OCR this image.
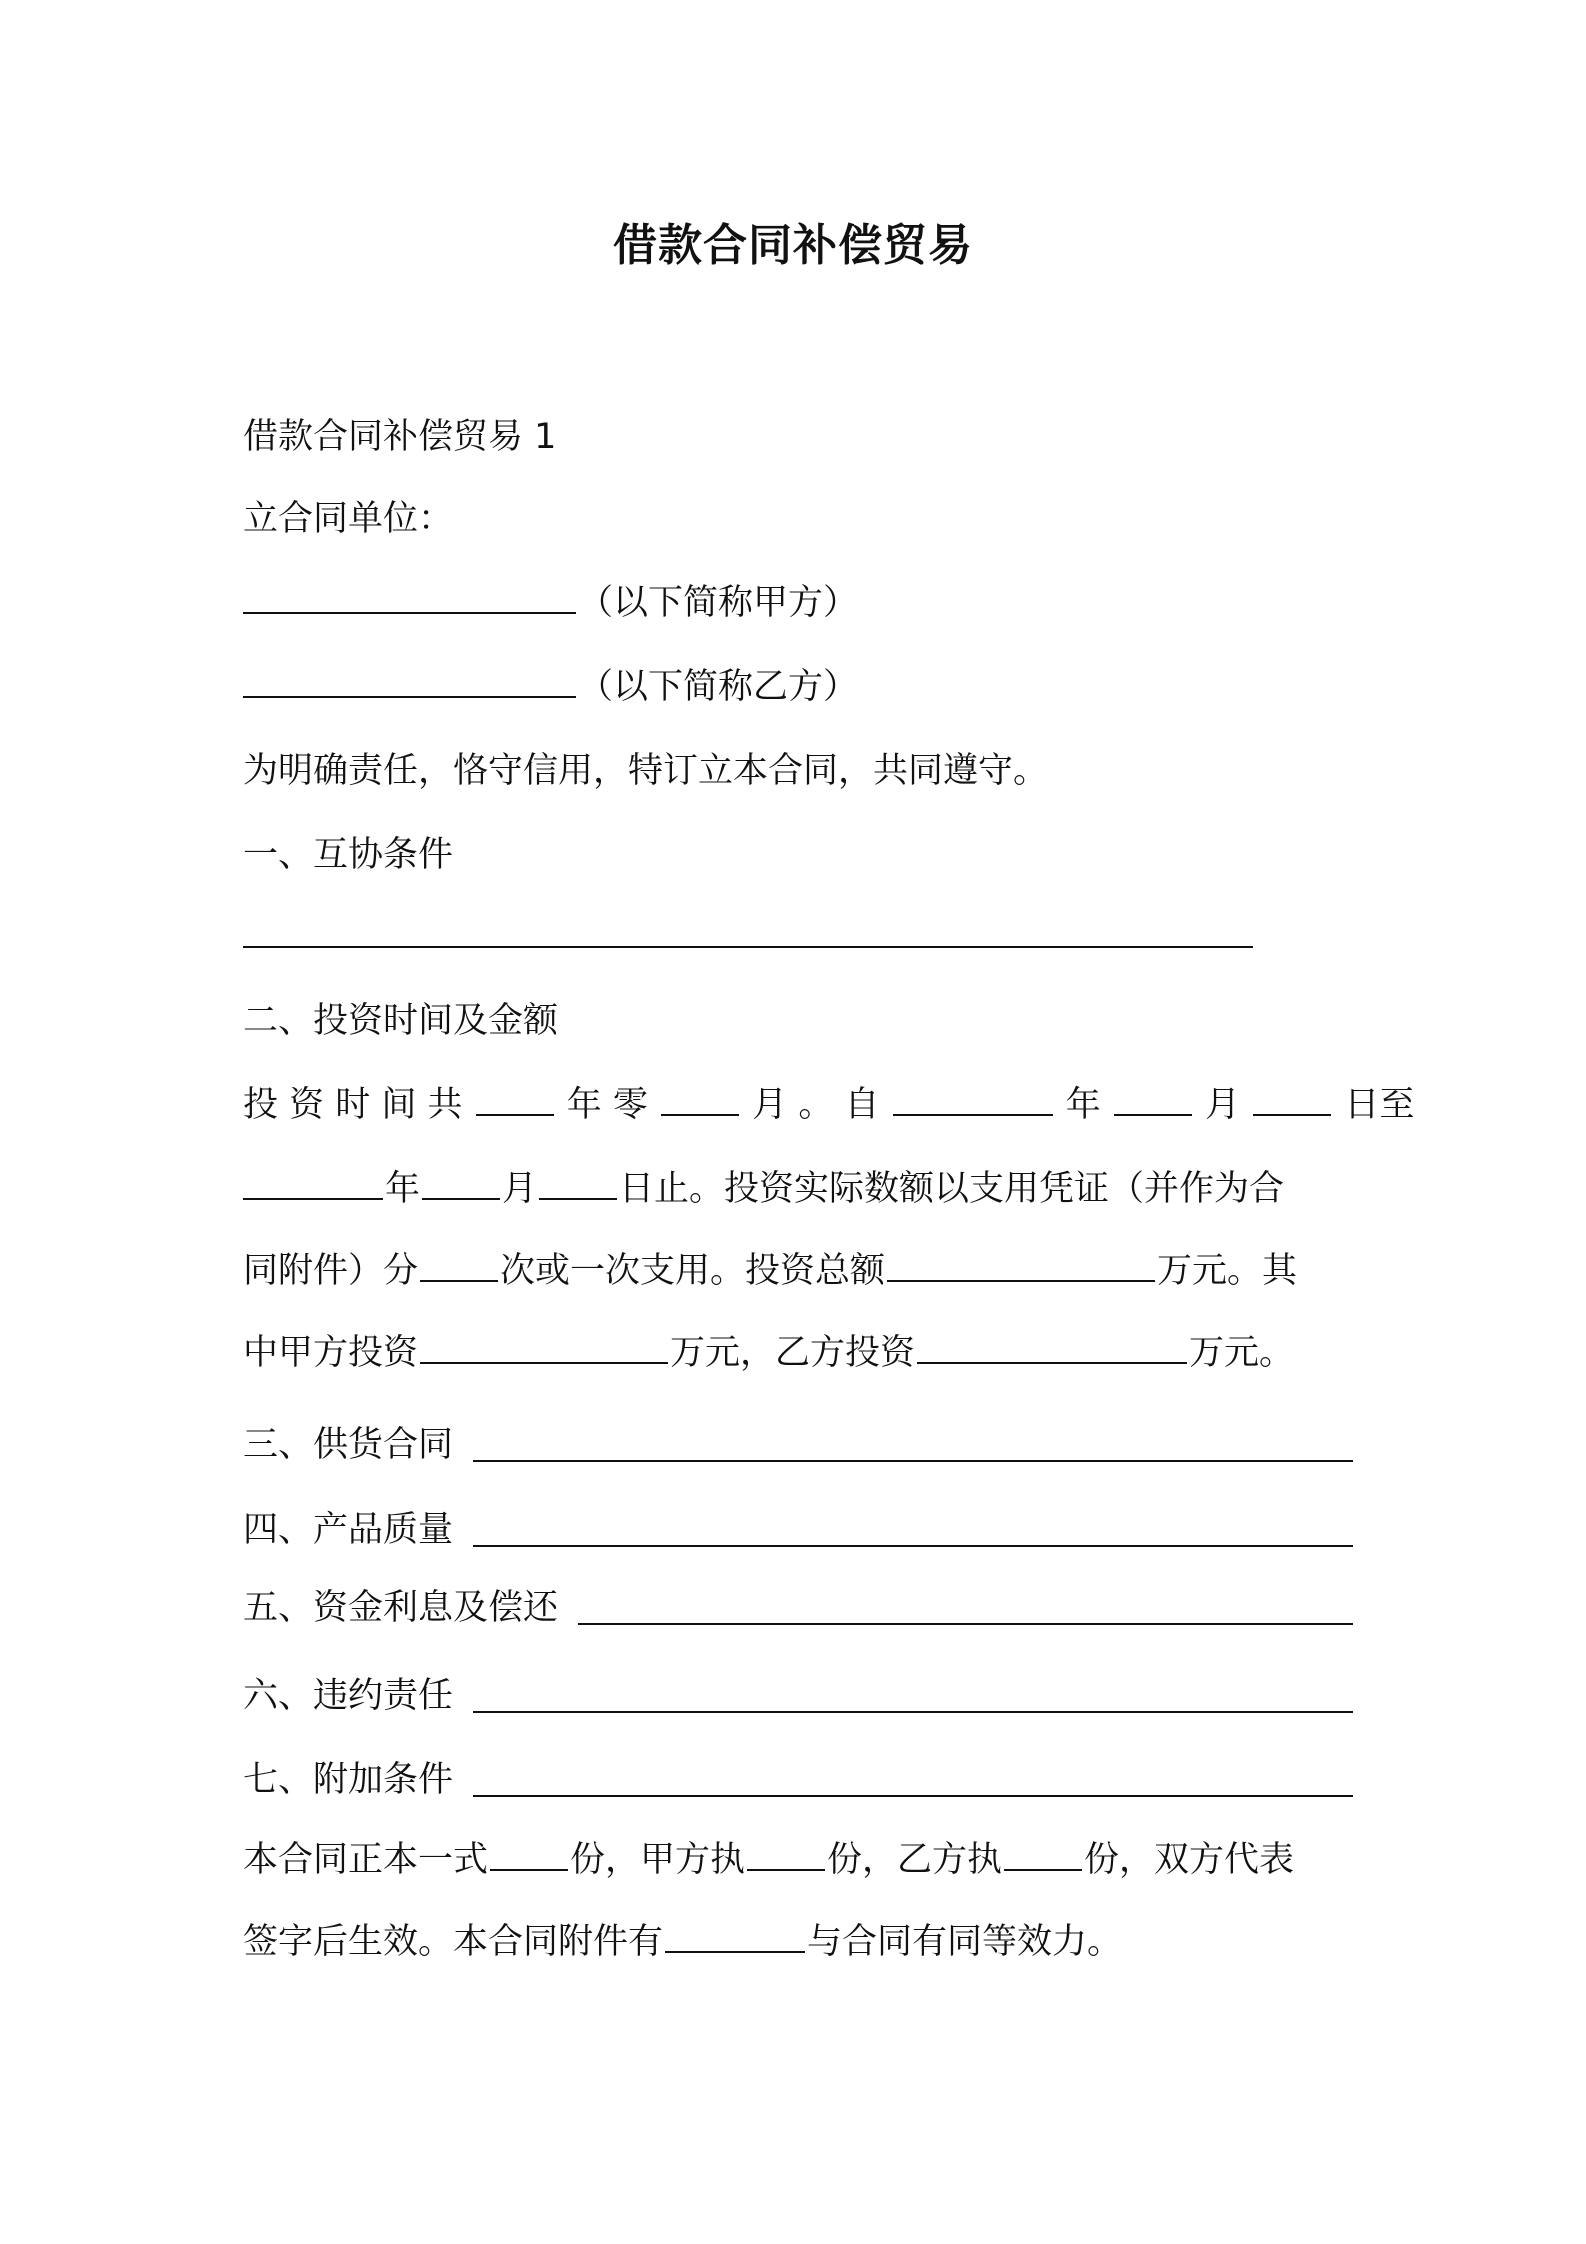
借款合同补偿贸易
借款合同补偿贸易 1
立合同单位：
（以下简称甲方）
（以下简称乙方）
为明确责任，恪守信用，特订立本合同，共同遵守。
一、互协条件
二、投资时间及金额
投 资 时 间 共	年 零	月 。 自	年	月	日至
年 月 日止。投资实际数额以支用凭证（并作为合
同附件）分 次或一次支用。投资总额	万元。其
中甲方投资	万元，乙方投资	万元。
三、供货合同
四、产品质量
五、资金利息及偿还
六、违约责任
七、附加条件
本合同正本一式 份，甲方执 份，乙方执 份，双方代表
签字后生效。本合同附件有	与合同有同等效力。
